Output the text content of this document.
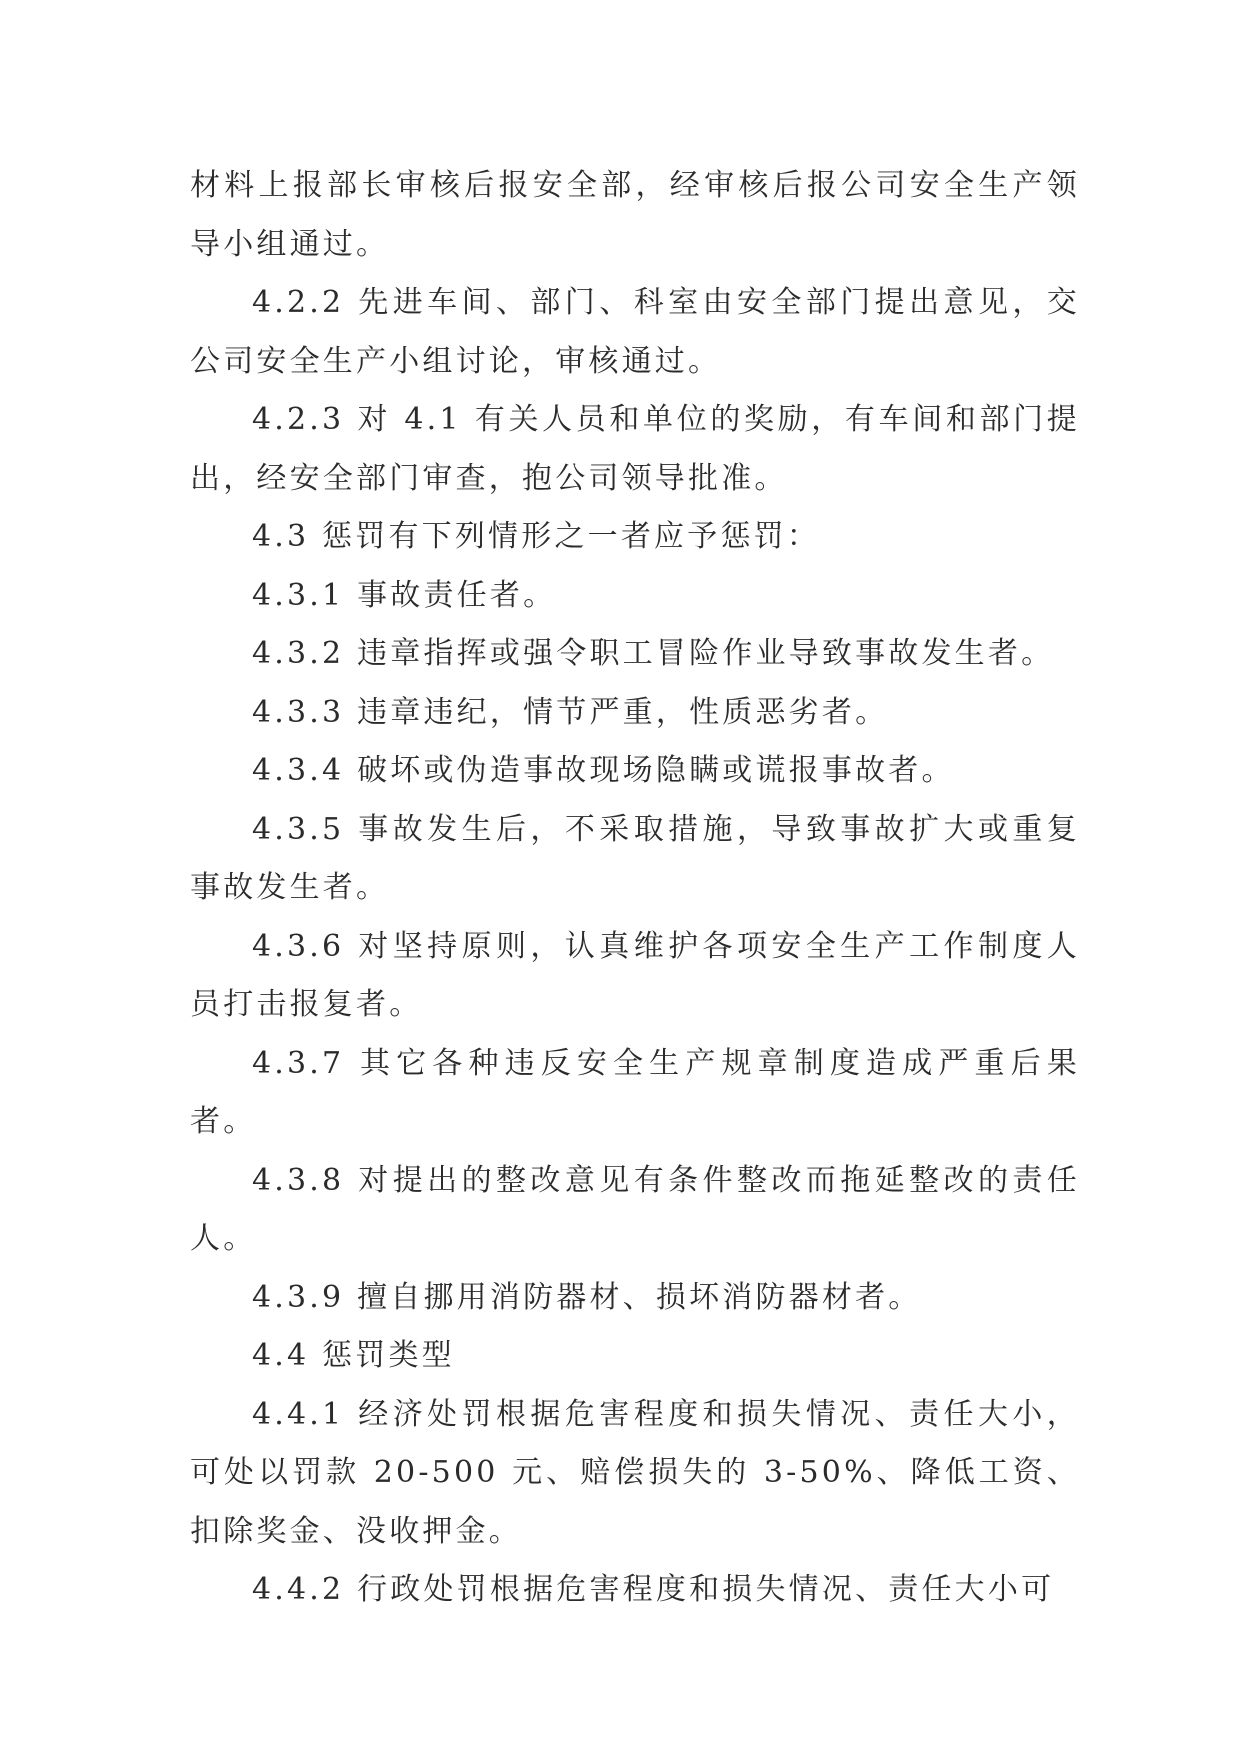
材料上报部长审核后报安全部，经审核后报公司安全生产领导小组通过。

4.2.2 先进车间、部门、科室由安全部门提出意见，交公司安全生产小组讨论，审核通过。

4.2.3 对 4.1 有关人员和单位的奖励，有车间和部门提出，经安全部门审查，抱公司领导批准。

4.3 惩罚有下列情形之一者应予惩罚：

4.3.1 事故责任者。

4.3.2 违章指挥或强令职工冒险作业导致事故发生者。

4.3.3 违章违纪，情节严重，性质恶劣者。

4.3.4 破坏或伪造事故现场隐瞒或谎报事故者。

4.3.5 事故发生后，不采取措施，导致事故扩大或重复事故发生者。

4.3.6 对坚持原则，认真维护各项安全生产工作制度人员打击报复者。

4.3.7 其它各种违反安全生产规章制度造成严重后果者。

4.3.8 对提出的整改意见有条件整改而拖延整改的责任人。

4.3.9 擅自挪用消防器材、损坏消防器材者。

4.4 惩罚类型

4.4.1 经济处罚根据危害程度和损失情况、责任大小，可处以罚款 20-500 元、赔偿损失的 3-50%、降低工资、扣除奖金、没收押金。

4.4.2 行政处罚根据危害程度和损失情况、责任大小可
